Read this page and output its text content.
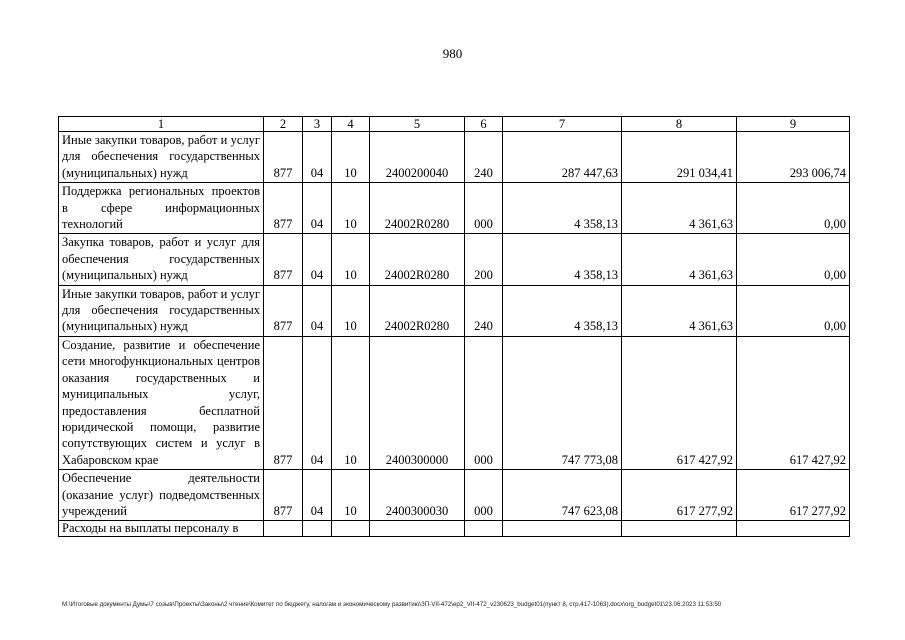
980
1	2	3	4	5	6	7	8	9
Иные закупки товаров, работ и услуг для обеспечения государственных (муниципальных) нужд	877	04	10	2400200040	240	287 447,63	291 034,41	293 006,74
Поддержка региональных проектов в сфере информационных технологий	877	04	10	24002R0280	000	4 358,13	4 361,63	0,00
Закупка товаров, работ и услуг для обеспечения государственных (муниципальных) нужд	877	04	10	24002R0280	200	4 358,13	4 361,63	0,00
Иные закупки товаров, работ и услуг для обеспечения государственных (муниципальных) нужд	877	04	10	24002R0280	240	4 358,13	4 361,63	0,00
Создание, развитие и обеспечение сети многофункциональных центров оказания государственных и муниципальных услуг, предоставления бесплатной юридической помощи, развитие сопутствующих систем и услуг в Хабаровском крае	877	04	10	2400300000	000	747 773,08	617 427,92	617 427,92
Обеспечение деятельности (оказание услуг) подведомственных учреждений	877	04	10	2400300030	000	747 623,08	617 277,92	617 277,92
Расходы на выплаты персоналу в								
M:\Итоговые документы Думы\7 созыв\Проекты\Законы\2 чтение\Комитет по бюджету, налогам и экономическому развитию\ЗП-VII-472\ep2_VII-472_v230623_budget01(пункт 8, стр.417-1063).docx\org_budget01\23.06.2023 11:53:50
